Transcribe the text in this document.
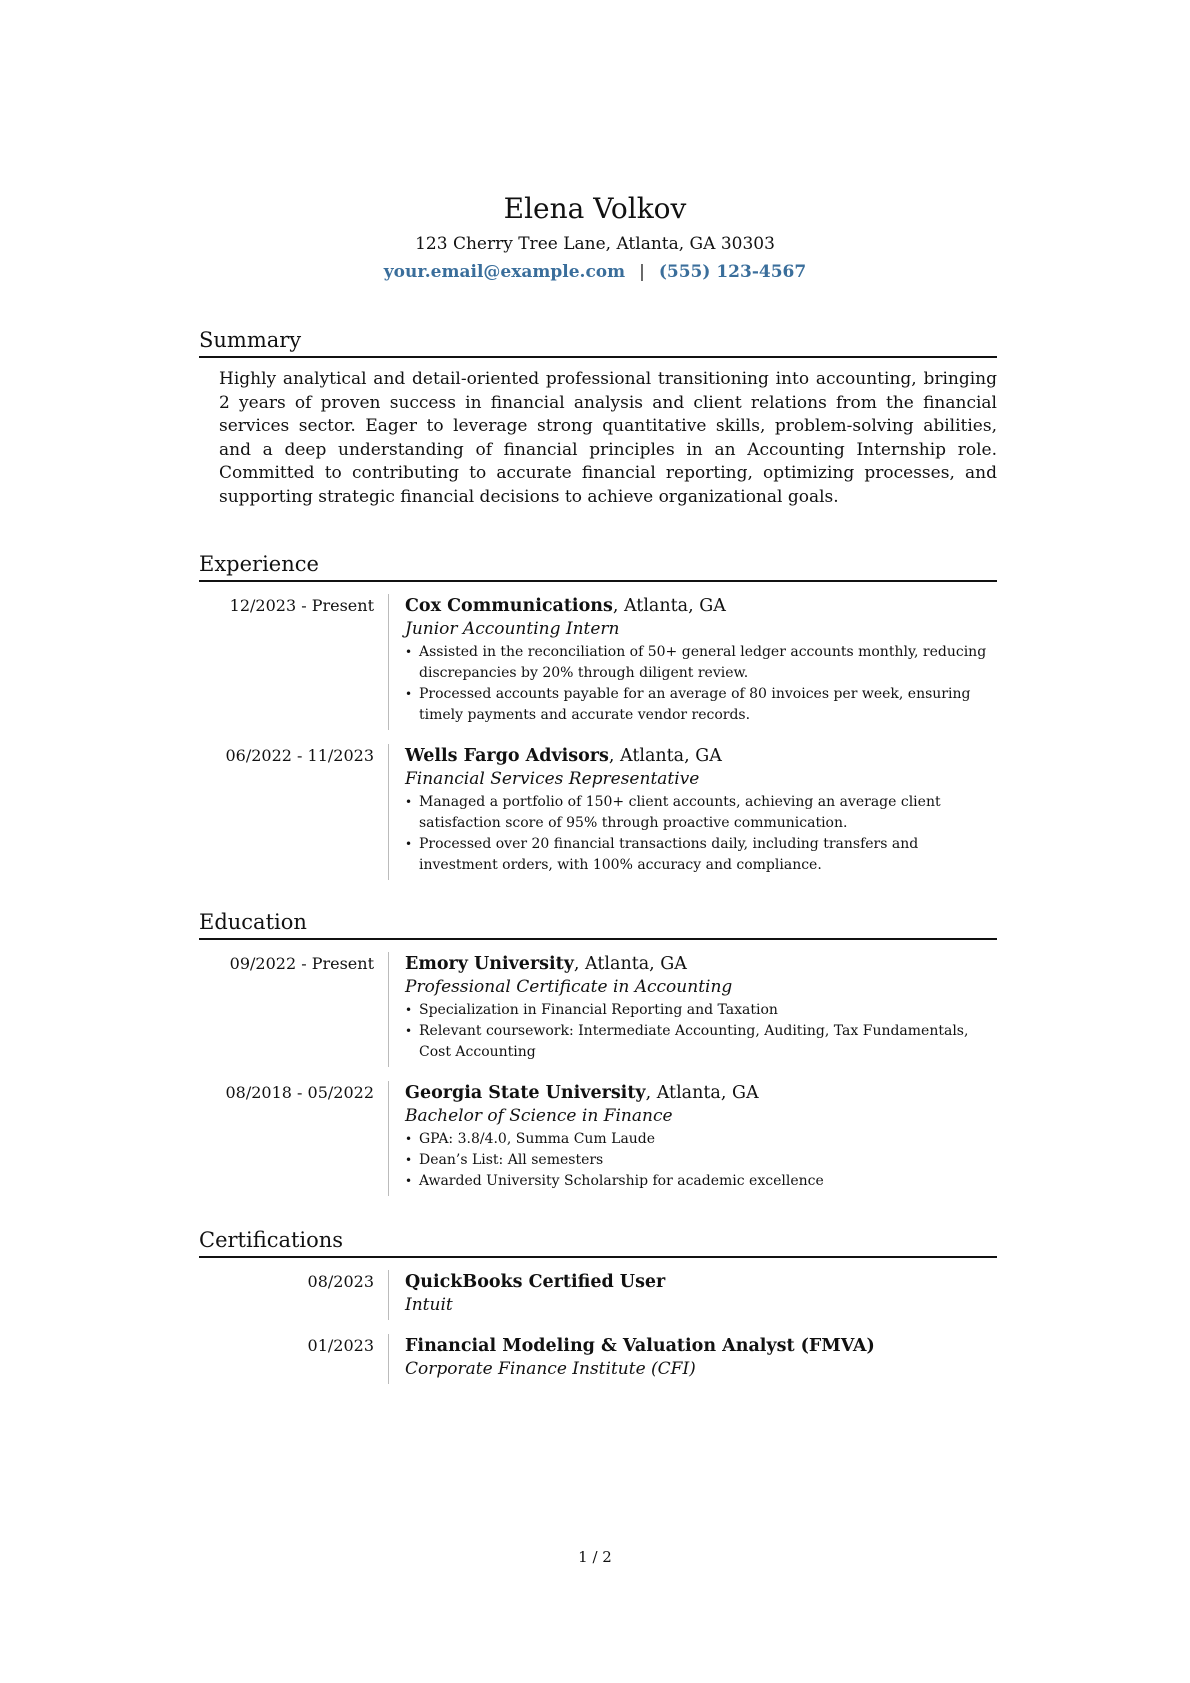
Elena Volkov
123 Cherry Tree Lane, Atlanta, GA 30303
your.email@example.com | (555) 123-4567
Summary
Highly analytical and detail-oriented professional transitioning into accounting, bringing 2 years of proven success in financial analysis and client relations from the financial services sector. Eager to leverage strong quantitative skills, problem-solving abilities, and a deep understanding of financial principles in an Accounting Internship role. Committed to contributing to accurate financial reporting, optimizing processes, and supporting strategic financial decisions to achieve organizational goals.
Experience
12/2023 - Present	Cox Communications, Atlanta, GA
Junior Accounting Intern
• Assisted in the reconciliation of 50+ general ledger accounts monthly, reducing discrepancies by 20% through diligent review.
• Processed accounts payable for an average of 80 invoices per week, ensuring timely payments and accurate vendor records.
06/2022 - 11/2023	Wells Fargo Advisors, Atlanta, GA
Financial Services Representative
• Managed a portfolio of 150+ client accounts, achieving an average client satisfaction score of 95% through proactive communication.
• Processed over 20 financial transactions daily, including transfers and investment orders, with 100% accuracy and compliance.
Education
09/2022 - Present	Emory University, Atlanta, GA
Professional Certificate in Accounting
• Specialization in Financial Reporting and Taxation
• Relevant coursework: Intermediate Accounting, Auditing, Tax Fundamentals, Cost Accounting
08/2018 - 05/2022	Georgia State University, Atlanta, GA
Bachelor of Science in Finance
• GPA: 3.8/4.0, Summa Cum Laude
• Dean’s List: All semesters
• Awarded University Scholarship for academic excellence
Certifications
08/2023	QuickBooks Certified User
Intuit
01/2023	Financial Modeling & Valuation Analyst (FMVA)
Corporate Finance Institute (CFI)
1 / 2
